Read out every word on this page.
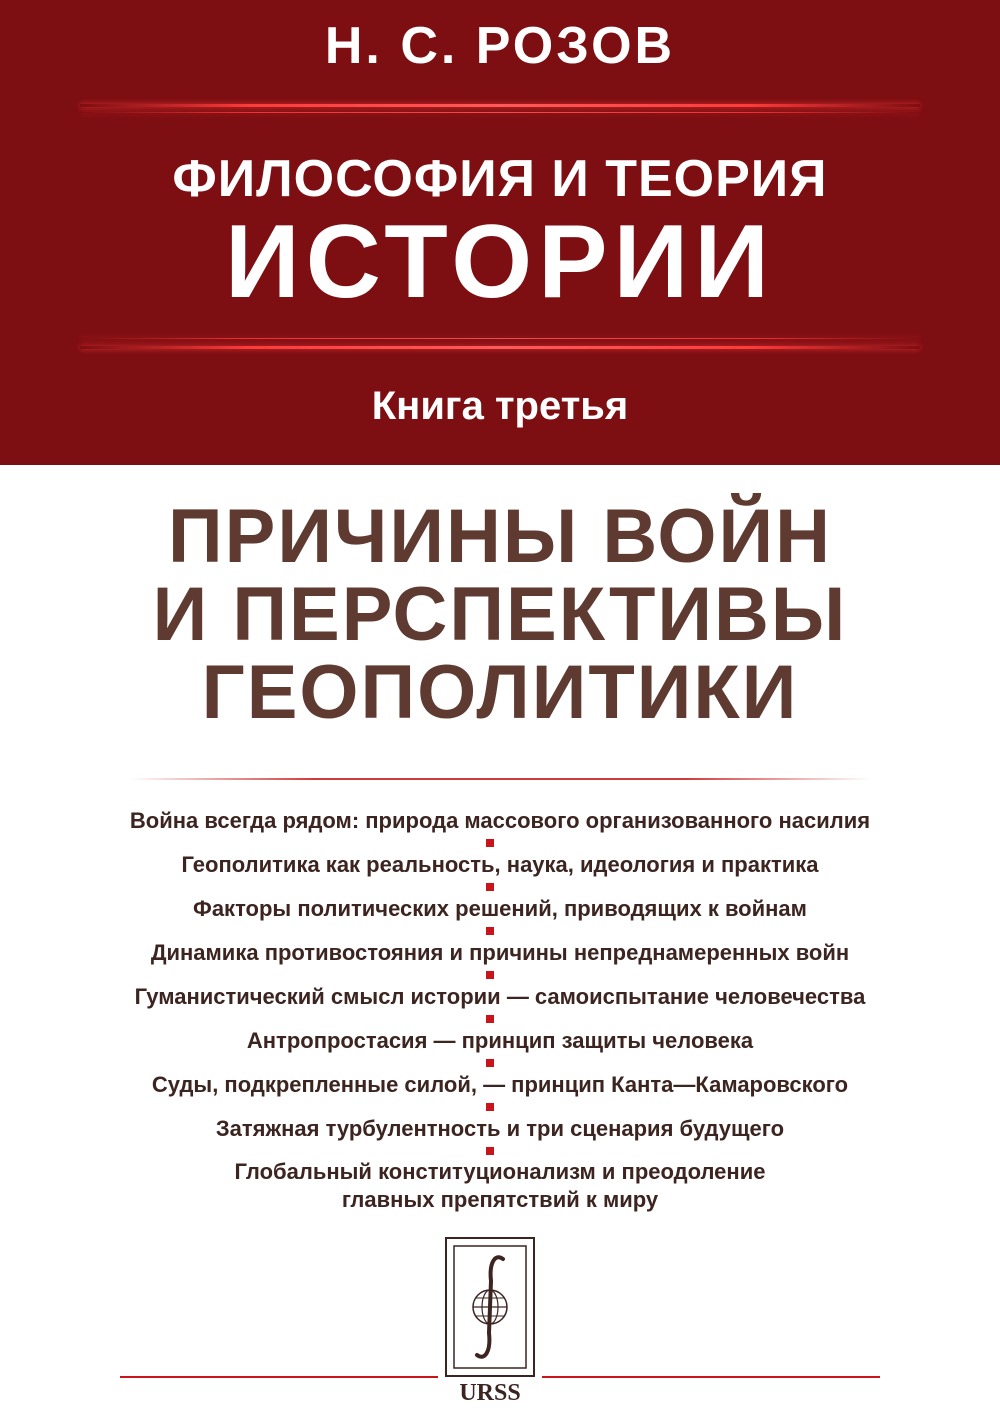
Н. С. РОЗОВ
ФИЛОСОФИЯ И ТЕОРИЯ
ИСТОРИИ
Книга третья
ПРИЧИНЫ ВОЙН
И ПЕРСПЕКТИВЫ
ГЕОПОЛИТИКИ
Война всегда рядом: природа массового организованного насилия
Геополитика как реальность, наука, идеология и практика
Факторы политических решений, приводящих к войнам
Динамика противостояния и причины непреднамеренных войн
Гуманистический смысл истории — самоиспытание человечества
Антропростасия — принцип защиты человека
Суды, подкрепленные силой, — принцип Канта—Камаровского
Затяжная турбулентность и три сценария будущего
Глобальный конституционализм и преодоление
главных препятствий к миру
URSS
